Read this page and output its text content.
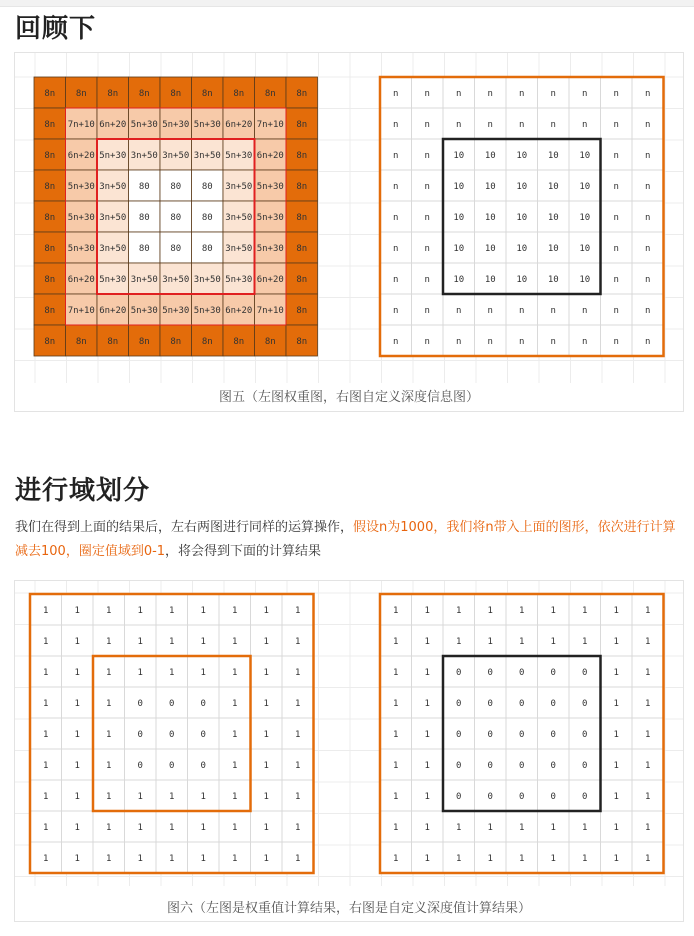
回顾下
8n 8n 8n 8n 8n 8n 8n 8n 8n
8n 7n+10 6n+20 5n+30 5n+30 5n+30 6n+20 7n+10 8n
8n 6n+20 5n+30 3n+50 3n+50 3n+50 5n+30 6n+20 8n
8n 5n+30 3n+50 80 80 80 3n+50 5n+30 8n
8n 5n+30 3n+50 80 80 80 3n+50 5n+30 8n
8n 5n+30 3n+50 80 80 80 3n+50 5n+30 8n
8n 6n+20 5n+30 3n+50 3n+50 3n+50 5n+30 6n+20 8n
8n 7n+10 6n+20 5n+30 5n+30 5n+30 6n+20 7n+10 8n
8n 8n 8n 8n 8n 8n 8n 8n 8n
n	n	n	n	n	n	n	n	n
n	n	n	n	n	n	n	n	n
n	n	10 10 10 10 10	n	n
n	n	10 10 10 10 10	n	n
n	n	10 10 10 10 10	n	n
n	n	10 10 10 10 10	n	n
n	n	10 10 10 10 10	n	n
n	n	n	n	n	n	n	n	n
n	n	n	n	n	n	n	n	n
图五（左图权重图，右图自定义深度信息图）
进行域划分
我们在得到上面的结果后，左右两图进行同样的运算操作，假设n为1000，我们将n带入上面的图形，依次进行计算减去100，圈定值域到0-1，将会得到下面的计算结果
1	1	1	1	1	1	1	1	1
1	1	1	1	1	1	1	1	1
1	1	1	1	1	1	1	1	1
1	1	1	0	0	0	1	1	1
1	1	1	0	0	0	1	1	1
1	1	1	0	0	0	1	1	1
1	1	1	1	1	1	1	1	1
1	1	1	1	1	1	1	1	1
1	1	1	1	1	1	1	1	1
1	1	1	1	1	1	1	1	1
1	1	1	1	1	1	1	1	1
1	1	0	0	0	0	0	1	1
1	1	0	0	0	0	0	1	1
1	1	0	0	0	0	0	1	1
1	1	0	0	0	0	0	1	1
1	1	0	0	0	0	0	1	1
1	1	1	1	1	1	1	1	1
1	1	1	1	1	1	1	1	1
图六（左图是权重值计算结果，右图是自定义深度值计算结果）
